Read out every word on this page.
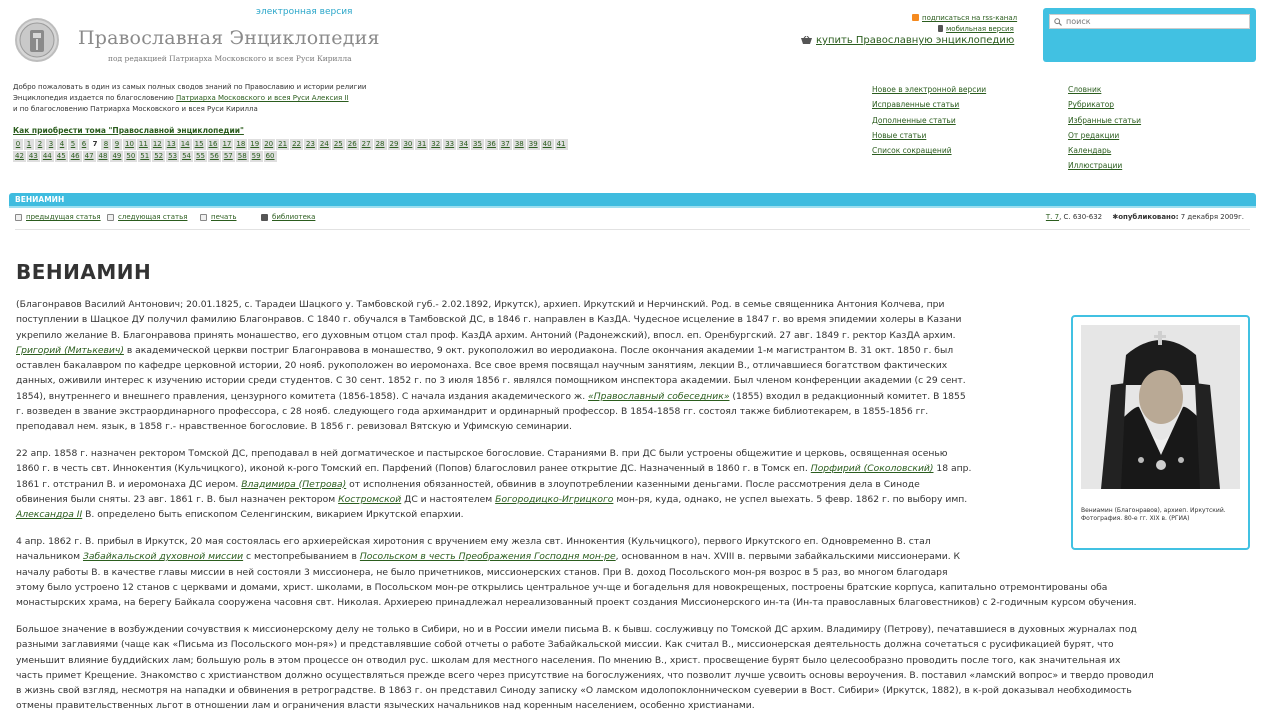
электронная версия
Православная Энциклопедия
под редакцией Патриарха Московского и всея Руси Кирилла
подписаться на rss-канал
мобильная версия
купить Православную энциклопедию
поиск
Добро пожаловать в один из самых полных сводов знаний по Православию и истории религии
Энциклопедия издается по благословению Патриарха Московского и всея Руси Алексия II
и по благословению Патриарха Московского и всея Руси Кирилла
Как приобрести тома "Православной энциклопедии"
0 1 2 3 4 5 6 7 8 9 10 11 12 13 14 15 16 17 18 19 20 21 22 23 24 25 26 27 28 29 30 31 32 33 34 35 36 37 38 39 40 41
42 43 44 45 46 47 48 49 50 51 52 53 54 55 56 57 58 59 60
Новое в электронной версии
Исправленные статьи
Дополненные статьи
Новые статьи
Список сокращений
Словник
Рубрикатор
Избранные статьи
От редакции
Календарь
Иллюстрации
ВЕНИАМИН
предыдущая статья следующая статья	печать	библиотека	Т. 7, С. 630-632 ✱опубликовано: 7 декабря 2009г.
ВЕНИАМИН
(Благонравов Василий Антонович; 20.01.1825, с. Тарадеи Шацкого у. Тамбовской губ.- 2.02.1892, Иркутск), архиеп. Иркутский и Нерчинский. Род. в семье священника Антония Колчева, при
поступлении в Шацкое ДУ получил фамилию Благонравов. С 1840 г. обучался в Тамбовской ДС, в 1846 г. направлен в КазДА. Чудесное исцеление в 1847 г. во время эпидемии холеры в Казани
укрепило желание В. Благонравова принять монашество, его духовным отцом стал проф. КазДА архим. Антоний (Радонежский), впосл. еп. Оренбургский. 27 авг. 1849 г. ректор КазДА архим.
Григорий (Митькевич) в академической церкви постриг Благонравова в монашество, 9 окт. рукоположил во иеродиакона. После окончания академии 1-м магистрантом В. 31 окт. 1850 г. был
оставлен бакалавром по кафедре церковной истории, 20 нояб. рукоположен во иеромонаха. Все свое время посвящал научным занятиям, лекции В., отличавшиеся богатством фактических
данных, оживили интерес к изучению истории среди студентов. С 30 сент. 1852 г. по 3 июля 1856 г. являлся помощником инспектора академии. Был членом конференции академии (с 29 сент.
1854), внутреннего и внешнего правления, цензурного комитета (1856-1858). С начала издания академического ж. «Православный собеседник» (1855) входил в редакционный комитет. В 1855
г. возведен в звание экстраординарного профессора, с 28 нояб. следующего года архимандрит и ординарный профессор. В 1854-1858 гг. состоял также библиотекарем, в 1855-1856 гг.
преподавал нем. язык, в 1858 г.- нравственное богословие. В 1856 г. ревизовал Вятскую и Уфимскую семинарии.
22 апр. 1858 г. назначен ректором Томской ДС, преподавал в ней догматическое и пастырское богословие. Стараниями В. при ДС были устроены общежитие и церковь, освященная осенью
1860 г. в честь свт. Иннокентия (Кульчицкого), иконой к-рого Томский еп. Парфений (Попов) благословил ранее открытие ДС. Назначенный в 1860 г. в Томск еп. Порфирий (Соколовский) 18 апр.
1861 г. отстранил В. и иеромонаха ДС иером. Владимира (Петрова) от исполнения обязанностей, обвинив в злоупотреблении казенными деньгами. После рассмотрения дела в Синоде
обвинения были сняты. 23 авг. 1861 г. В. был назначен ректором Костромской ДС и настоятелем Богородицко-Игрицкого мон-ря, куда, однако, не успел выехать. 5 февр. 1862 г. по выбору имп.
Александра II В. определено быть епископом Селенгинским, викарием Иркутской епархии.
4 апр. 1862 г. В. прибыл в Иркутск, 20 мая состоялась его архиерейская хиротония с вручением ему жезла свт. Иннокентия (Кульчицкого), первого Иркутского еп. Одновременно В. стал
начальником Забайкальской духовной миссии с местопребыванием в Посольском в честь Преображения Господня мон-ре, основанном в нач. XVIII в. первыми забайкальскими миссионерами. К
началу работы В. в качестве главы миссии в ней состояли 3 миссионера, не было причетников, миссионерских станов. При В. доход Посольского мон-ря возрос в 5 раз, во многом благодаря
этому было устроено 12 станов с церквами и домами, христ. школами, в Посольском мон-ре открылись центральное уч-ще и богадельня для новокрещеных, построены братские корпуса, капитально отремонтированы оба
монастырских храма, на берегу Байкала сооружена часовня свт. Николая. Архиерею принадлежал нереализованный проект создания Миссионерского ин-та (Ин-та православных благовестников) с 2-годичным курсом обучения.
Большое значение в возбуждении сочувствия к миссионерскому делу не только в Сибири, но и в России имели письма В. к бывш. сослуживцу по Томской ДС архим. Владимиру (Петрову), печатавшиеся в духовных журналах под
разными заглавиями (чаще как «Письма из Посольского мон-ря») и представлявшие собой отчеты о работе Забайкальской миссии. Как считал В., миссионерская деятельность должна сочетаться с русификацией бурят, что
уменьшит влияние буддийских лам; большую роль в этом процессе он отводил рус. школам для местного населения. По мнению В., христ. просвещение бурят было целесообразно проводить после того, как значительная их
часть примет Крещение. Знакомство с христианством должно осуществляться прежде всего через присутствие на богослужениях, что позволит лучше усвоить основы вероучения. В. поставил «ламский вопрос» и твердо проводил
в жизнь свой взгляд, несмотря на нападки и обвинения в ретроградстве. В 1863 г. он представил Синоду записку «О ламском идолопоклонническом суеверии в Вост. Сибири» (Иркутск, 1882), в к-рой доказывал необходимость
отмены правительственных льгот в отношении лам и ограничения власти языческих начальников над коренным населением, особенно христианами.
Вениамин (Благонравов), архиеп. Иркутский. Фотография. 80-е гг. XIX в. (РГИА)
